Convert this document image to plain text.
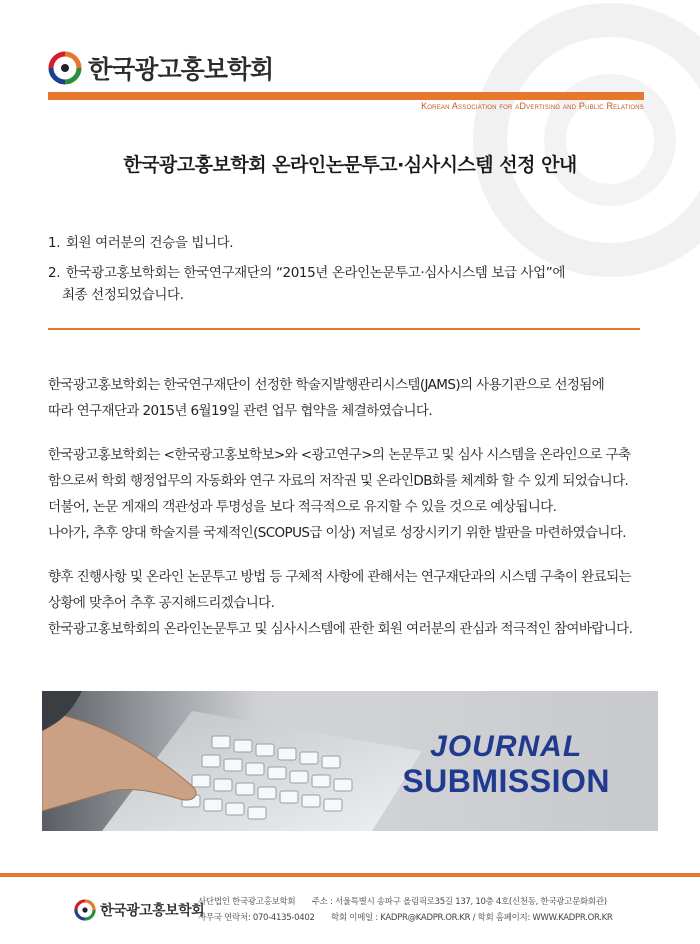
한국광고홍보학회
Korean Association for aDvertising and Public Relations
한국광고홍보학회 온라인논문투고·심사시스템 선정 안내
1. 회원 여러분의 건승을 빕니다.
2. 한국광고홍보학회는 한국연구재단의 “2015년 온라인논문투고·심사시스템 보급 사업”에
최종 선정되었습니다.

한국광고홍보학회는 한국연구재단이 선정한 학술지발행관리시스템(JAMS)의 사용기관으로 선정됨에

따라 연구재단과 2015년 6월19일 관련 업무 협약을 체결하였습니다.

한국광고홍보학회는 <한국광고홍보학보>와 <광고연구>의 논문투고 및 심사 시스템을 온라인으로 구축

함으로써 학회 행정업무의 자동화와 연구 자료의 저작권 및 온라인DB화를 체계화 할 수 있게 되었습니다.

더불어, 논문 게재의 객관성과 투명성을 보다 적극적으로 유지할 수 있을 것으로 예상됩니다.

나아가, 추후 양대 학술지를 국제적인(SCOPUS급 이상) 저널로 성장시키기 위한 발판을 마련하였습니다.

향후 진행사항 및 온라인 논문투고 방법 등 구체적 사항에 관해서는 연구재단과의 시스템 구축이 완료되는

상황에 맞추어 추후 공지해드리겠습니다.

한국광고홍보학회의 온라인논문투고 및 심사시스템에 관한 회원 여러분의 관심과 적극적인 참여바랍니다.

JOURNAL
SUBMISSION
한국광고홍보학회
사단법인 한국광고홍보학회 주소 : 서울특별시 송파구 올림픽로35길 137, 10층 4호(신천동, 한국광고문화회관)
사무국 연락처: 070-4135-0402 학회 이메일 : KADPR@KADPR.OR.KR / 학회 홈페이지: WWW.KADPR.OR.KR
